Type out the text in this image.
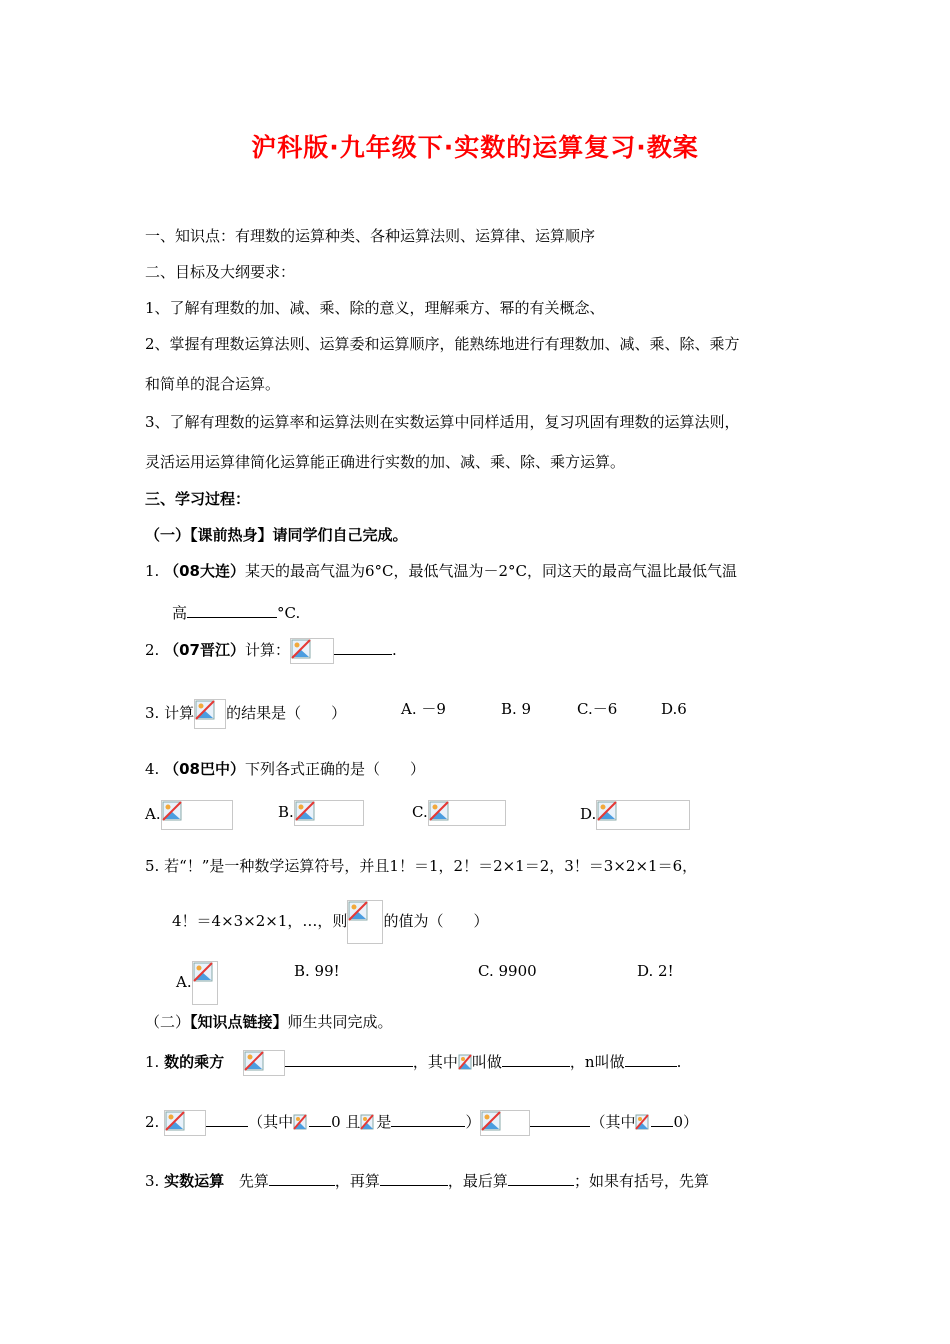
沪科版·九年级下·实数的运算复习·教案
一、知识点：有理数的运算种类、各种运算法则、运算律、运算顺序
二、目标及大纲要求：
1、了解有理数的加、减、乘、除的意义，理解乘方、幂的有关概念、
2、掌握有理数运算法则、运算委和运算顺序，能熟练地进行有理数加、减、乘、除、乘方
和简单的混合运算。
3、了解有理数的运算率和运算法则在实数运算中同样适用，复习巩固有理数的运算法则，
灵活运用运算律简化运算能正确进行实数的加、减、乘、除、乘方运算。
三、学习过程：
（一）【课前热身】请同学们自己完成。
1. （08大连）某天的最高气温为6°C，最低气温为－2°C，同这天的最高气温比最低气温
高	°C.
2. （07晋江）计算：	.
3. 计算 的结果是（　　）	A. －9	B. 9	C.－6	D.6
4. （08巴中）下列各式正确的是（　　）
A.	B.	C.	D.
5. 若“！”是一种数学运算符号，并且1！＝1，2！＝2×1＝2，3！＝3×2×1＝6，
4！＝4×3×2×1，…，则 的值为（　　）
A.
B. 99!	C. 9900	D. 2!
（二）【知识点链接】师生共同完成。
1. 数的乘方	，其中 叫做	，n叫做	.
2.	（其中	0 且 是	）	（其中	0）
3. 实数运算 先算	，再算	，最后算	；如果有括号，先算
